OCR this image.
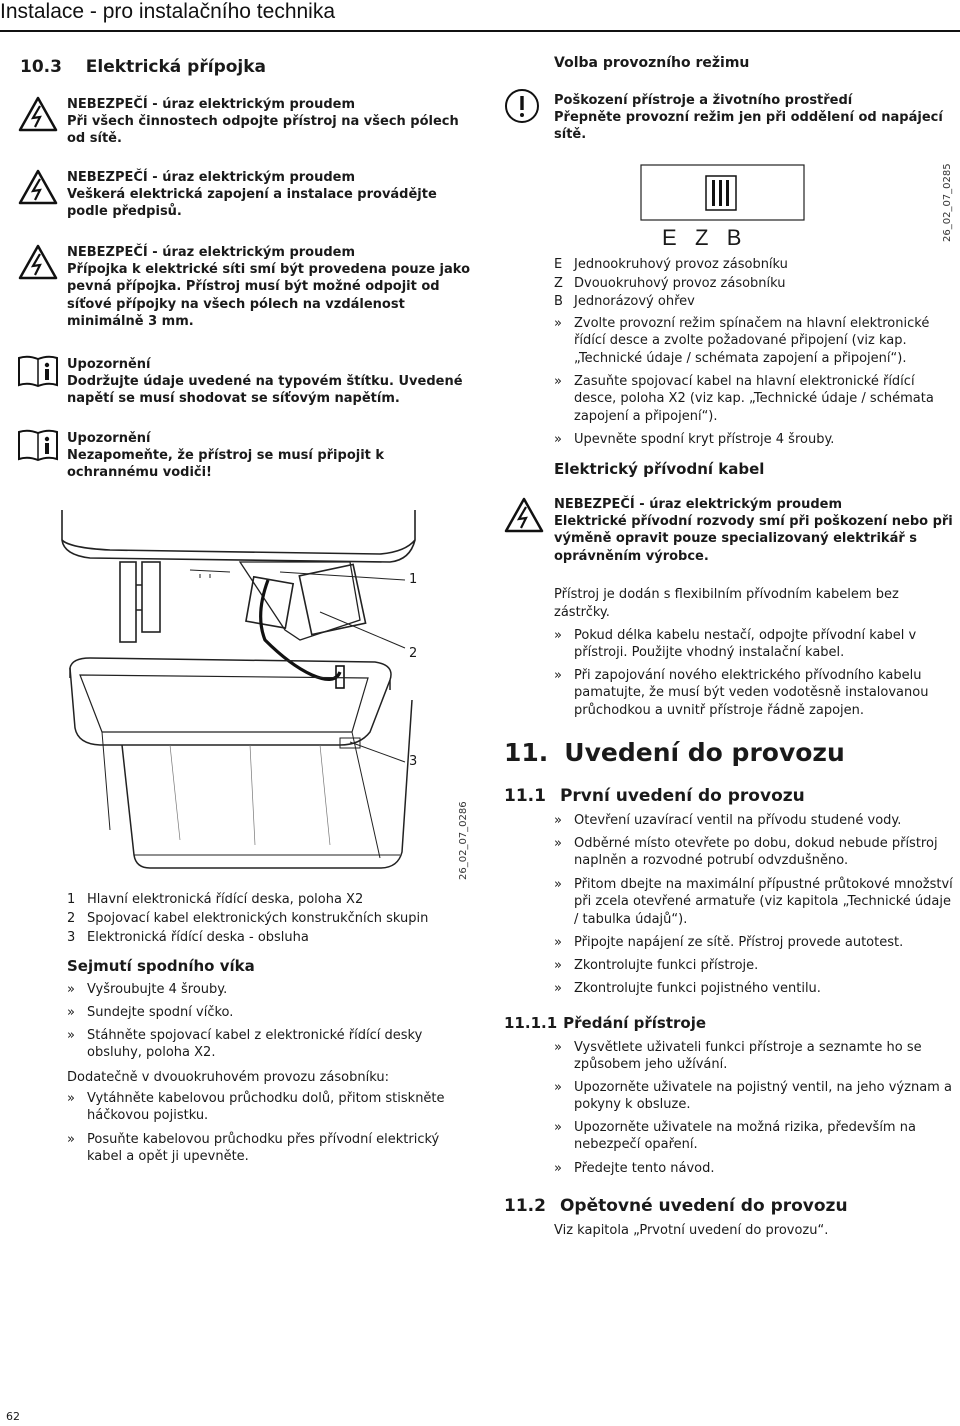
Instalace - pro instalačního technika
10.3 Elektrická přípojka
NEBEZPEČÍ - úraz elektrickým proudem
Při všech činnostech odpojte přístroj na všech pólech od sítě.
NEBEZPEČÍ - úraz elektrickým proudem
Veškerá elektrická zapojení a instalace provádějte podle předpisů.
NEBEZPEČÍ - úraz elektrickým proudem
Přípojka k elektrické síti smí být provedena pouze jako pevná přípojka. Přístroj musí být možné odpojit od síťové přípojky na všech pólech na vzdálenost minimálně 3 mm.
Upozornění
Dodržujte údaje uvedené na typovém štítku. Uvedené napětí se musí shodovat se síťovým napětím.
Upozornění
Nezapomeňte, že přístroj se musí připojit k ochrannému vodiči!
1
2
3
26_02_07_0286
1 Hlavní elektronická řídící deska, poloha X2
2 Spojovací kabel elektronických konstrukčních skupin
3 Elektronická řídící deska - obsluha
Sejmutí spodního víka
» Vyšroubujte 4 šrouby.
» Sundejte spodní víčko.
» Stáhněte spojovací kabel z elektronické řídící desky obsluhy, poloha X2.
Dodatečně v dvouokruhovém provozu zásobníku:
» Vytáhněte kabelovou průchodku dolů, přitom stiskněte háčkovou pojistku.
» Posuňte kabelovou průchodku přes přívodní elektrický kabel a opět ji upevněte.
Volba provozního režimu
Poškození přístroje a životního prostředí
Přepněte provozní režim jen při oddělení od napájecí sítě.
E   Z   B	26_02_07_0285
E Jednookruhový provoz zásobníku
Z Dvouokruhový provoz zásobníku
B Jednorázový ohřev
» Zvolte provozní režim spínačem na hlavní elektronické řídící desce a zvolte požadované připojení (viz kap. „Technické údaje / schémata zapojení a připojení“).
» Zasuňte spojovací kabel na hlavní elektronické řídící desce, poloha X2 (viz kap. „Technické údaje / schémata zapojení a připojení“).
» Upevněte spodní kryt přístroje 4 šrouby.
Elektrický přívodní kabel
NEBEZPEČÍ - úraz elektrickým proudem
Elektrické přívodní rozvody smí při poškození nebo při výměně opravit pouze specializovaný elektrikář s oprávněním výrobce.
Přístroj je dodán s flexibilním přívodním kabelem bez zástrčky.
» Pokud délka kabelu nestačí, odpojte přívodní kabel v přístroji. Použijte vhodný instalační kabel.
» Při zapojování nového elektrického přívodního kabelu pamatujte, že musí být veden vodotěsně instalovanou průchodkou a uvnitř přístroje řádně zapojen.
11. Uvedení do provozu
11.1 První uvedení do provozu
» Otevření uzavírací ventil na přívodu studené vody.
» Odběrné místo otevřete po dobu, dokud nebude přístroj naplněn a rozvodné potrubí odvzdušněno.
» Přitom dbejte na maximální přípustné průtokové množství při zcela otevřené armatuře (viz kapitola „Technické údaje / tabulka údajů“).
» Připojte napájení ze sítě. Přístroj provede autotest.
» Zkontrolujte funkci přístroje.
» Zkontrolujte funkci pojistného ventilu.
11.1.1 Předání přístroje
» Vysvětlete uživateli funkci přístroje a seznamte ho se způsobem jeho užívání.
» Upozorněte uživatele na pojistný ventil, na jeho význam a pokyny k obsluze.
» Upozorněte uživatele na možná rizika, především na nebezpečí opaření.
» Předejte tento návod.
11.2 Opětovné uvedení do provozu
Viz kapitola „Prvotní uvedení do provozu“.
62
